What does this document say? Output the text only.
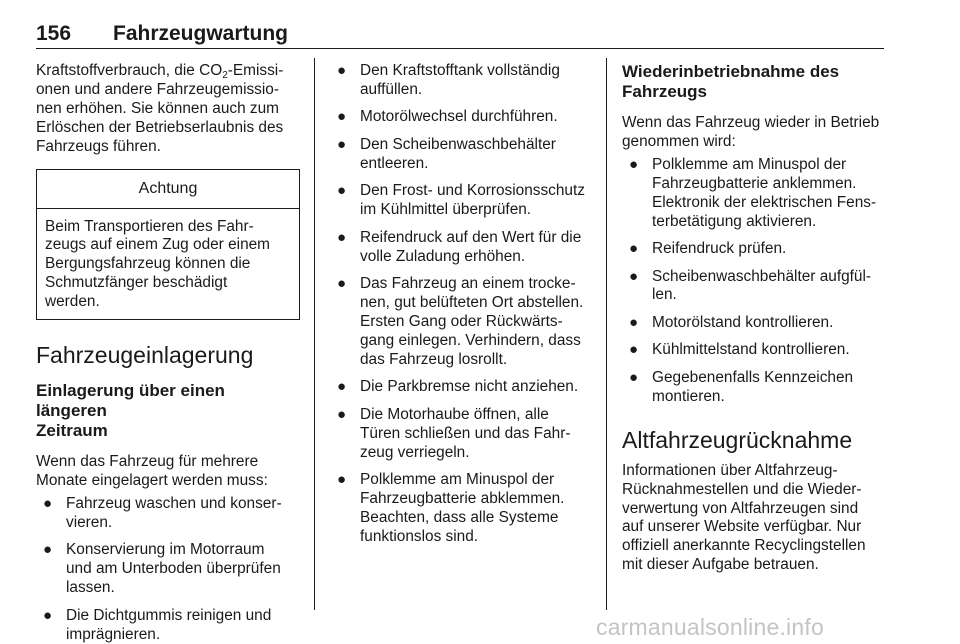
156 Fahrzeugwartung

Kraftstoffverbrauch, die $CO_2-Emissi-$
onen und andere Fahrzeugemissio-
nen erhöhen. Sie können auch zum
Erlöschen der Betriebserlaubnis des
Fahrzeugs führen.

Achtung
Beim Transportieren des Fahr-
zeugs auf einem Zug oder einem
Bergungsfahrzeug können die
Schmutzfänger beschädigt
werden.
Fahrzeugeinlagerung
Einlagerung über einen längeren
Zeitraum

Wenn das Fahrzeug für mehrere
Monate eingelagert werden muss:

● Fahrzeug waschen und konser-
vieren.
● Konservierung im Motorraum
und am Unterboden überprüfen
lassen.
● Die Dichtgummis reinigen und
imprägnieren.
● Den Kraftstofftank vollständig
auffüllen.
● Motorölwechsel durchführen.
● Den Scheibenwaschbehälter
entleeren.
● Den Frost- und Korrosionsschutz
im Kühlmittel überprüfen.
● Reifendruck auf den Wert für die
volle Zuladung erhöhen.
● Das Fahrzeug an einem trocke-
nen, gut belüfteten Ort abstellen.
Ersten Gang oder Rückwärts-
gang einlegen. Verhindern, dass
das Fahrzeug losrollt.
● Die Parkbremse nicht anziehen.
● Die Motorhaube öffnen, alle
Türen schließen und das Fahr-
zeug verriegeln.
● Polklemme am Minuspol der
Fahrzeugbatterie abklemmen.
Beachten, dass alle Systeme
funktionslos sind.
Wiederinbetriebnahme des
Fahrzeugs

Wenn das Fahrzeug wieder in Betrieb
genommen wird:

● Polklemme am Minuspol der
Fahrzeugbatterie anklemmen.
Elektronik der elektrischen Fens-
terbetätigung aktivieren.
● Reifendruck prüfen.
● Scheibenwaschbehälter aufgfül-
len.
● Motorölstand kontrollieren.
● Kühlmittelstand kontrollieren.
● Gegebenenfalls Kennzeichen
montieren.
Altfahrzeugrücknahme

Informationen über Altfahrzeug-
Rücknahmestellen und die Wieder-
verwertung von Altfahrzeugen sind
auf unserer Website verfügbar. Nur
offiziell anerkannte Recyclingstellen
mit dieser Aufgabe betrauen.

carmanualsonline.info
